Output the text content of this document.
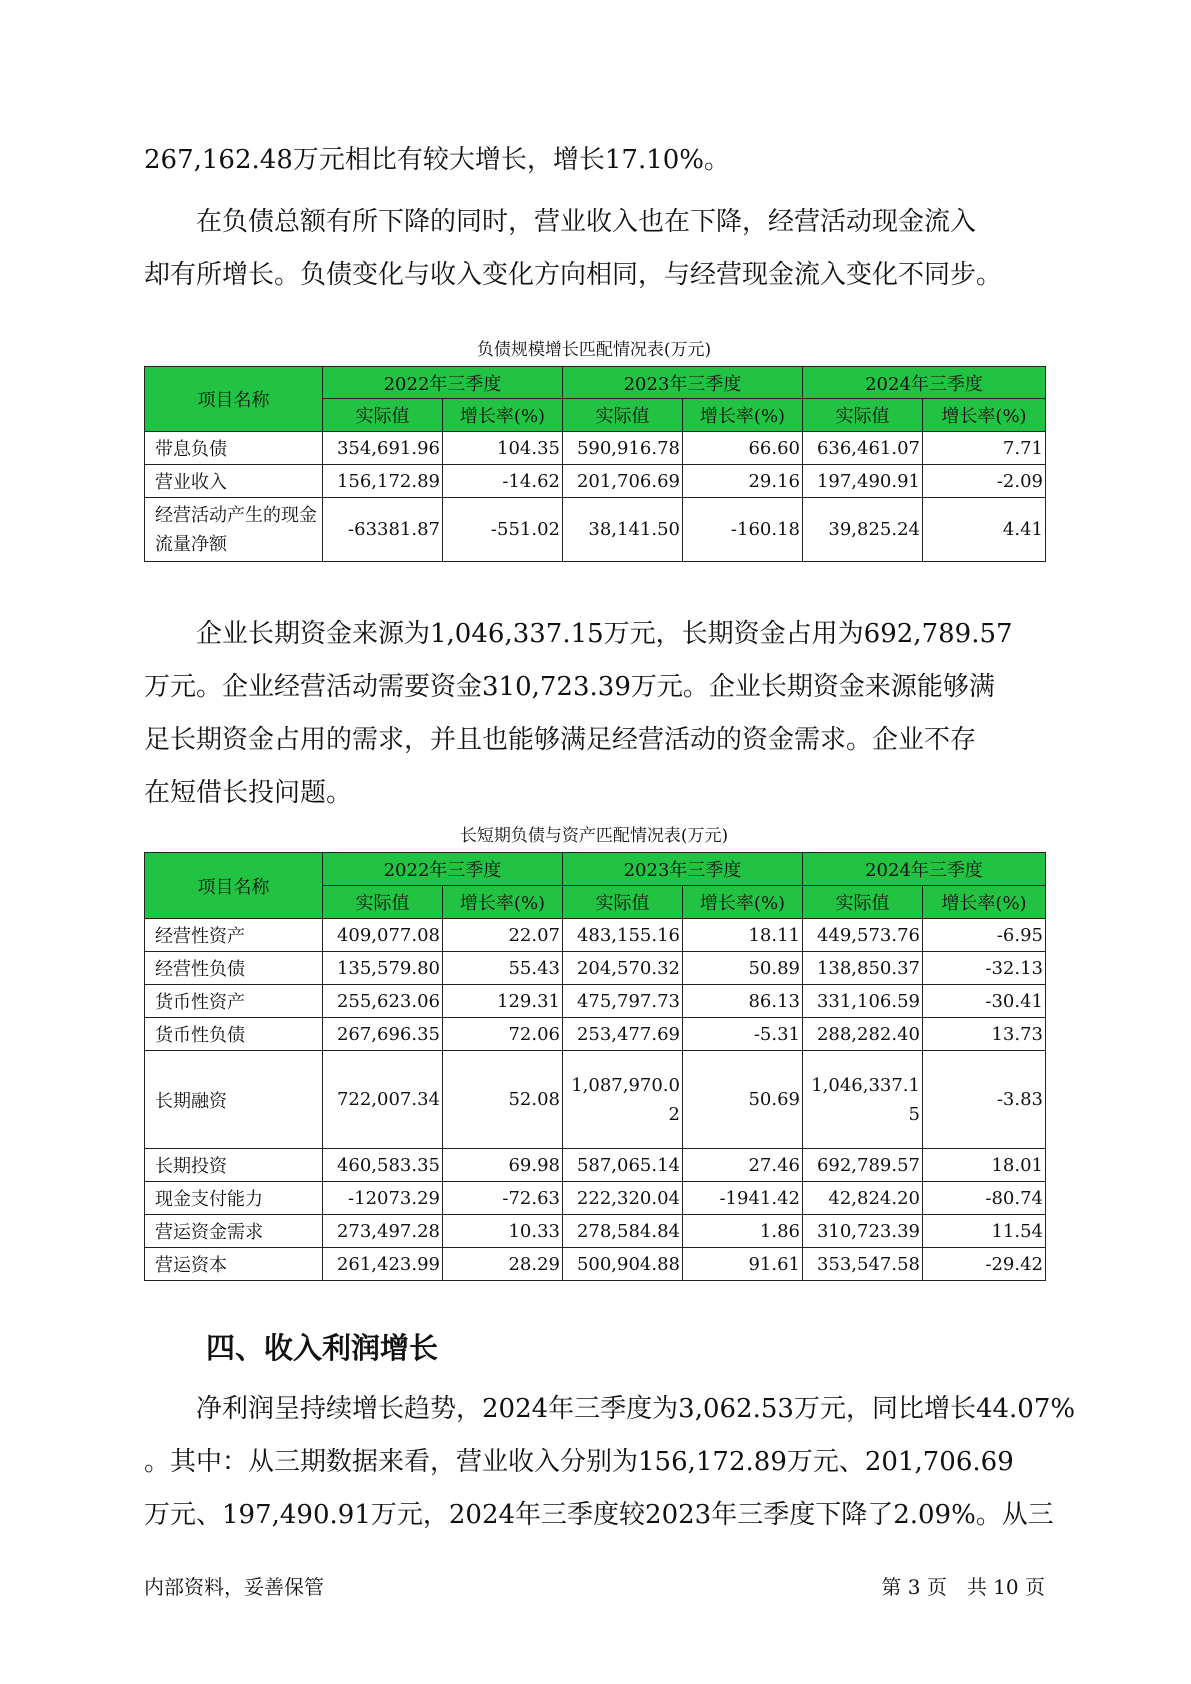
267,162.48万元相比有较大增长，增长17.10%。

　　在负债总额有所下降的同时，营业收入也在下降，经营活动现金流入
却有所增长。负债变化与收入变化方向相同，与经营现金流入变化不同步。

负债规模增长匹配情况表(万元)
项目名称	2022年三季度		2023年三季度		2024年三季度	
	实际值	增长率(%)	实际值	增长率(%)	实际值	增长率(%)
带息负债	354,691.96	104.35	590,916.78	66.60	636,461.07	7.71
营业收入	156,172.89	-14.62	201,706.69	29.16	197,490.91	-2.09
经营活动产生的现金流量净额	-63381.87	-551.02	38,141.50	-160.18	39,825.24	4.41

　　企业长期资金来源为1,046,337.15万元，长期资金占用为692,789.57
万元。企业经营活动需要资金310,723.39万元。企业长期资金来源能够满
足长期资金占用的需求，并且也能够满足经营活动的资金需求。企业不存
在短借长投问题。

长短期负债与资产匹配情况表(万元)
项目名称	2022年三季度		2023年三季度		2024年三季度	
	实际值	增长率(%)	实际值	增长率(%)	实际值	增长率(%)
经营性资产	409,077.08	22.07	483,155.16	18.11	449,573.76	-6.95
经营性负债	135,579.80	55.43	204,570.32	50.89	138,850.37	-32.13
货币性资产	255,623.06	129.31	475,797.73	86.13	331,106.59	-30.41
货币性负债	267,696.35	72.06	253,477.69	-5.31	288,282.40	13.73
长期融资	722,007.34	52.08	1,087,970.02	50.69	1,046,337.15	-3.83
长期投资	460,583.35	69.98	587,065.14	27.46	692,789.57	18.01
现金支付能力	-12073.29	-72.63	222,320.04	-1941.42	42,824.20	-80.74
营运资金需求	273,497.28	10.33	278,584.84	1.86	310,723.39	11.54
营运资本	261,423.99	28.29	500,904.88	91.61	353,547.58	-29.42
四、收入利润增长

　　净利润呈持续增长趋势，2024年三季度为3,062.53万元，同比增长44.07%
。其中：从三期数据来看，营业收入分别为156,172.89万元、201,706.69
万元、197,490.91万元，2024年三季度较2023年三季度下降了2.09%。从三

内部资料，妥善保管	第 3 页　共 10 页
